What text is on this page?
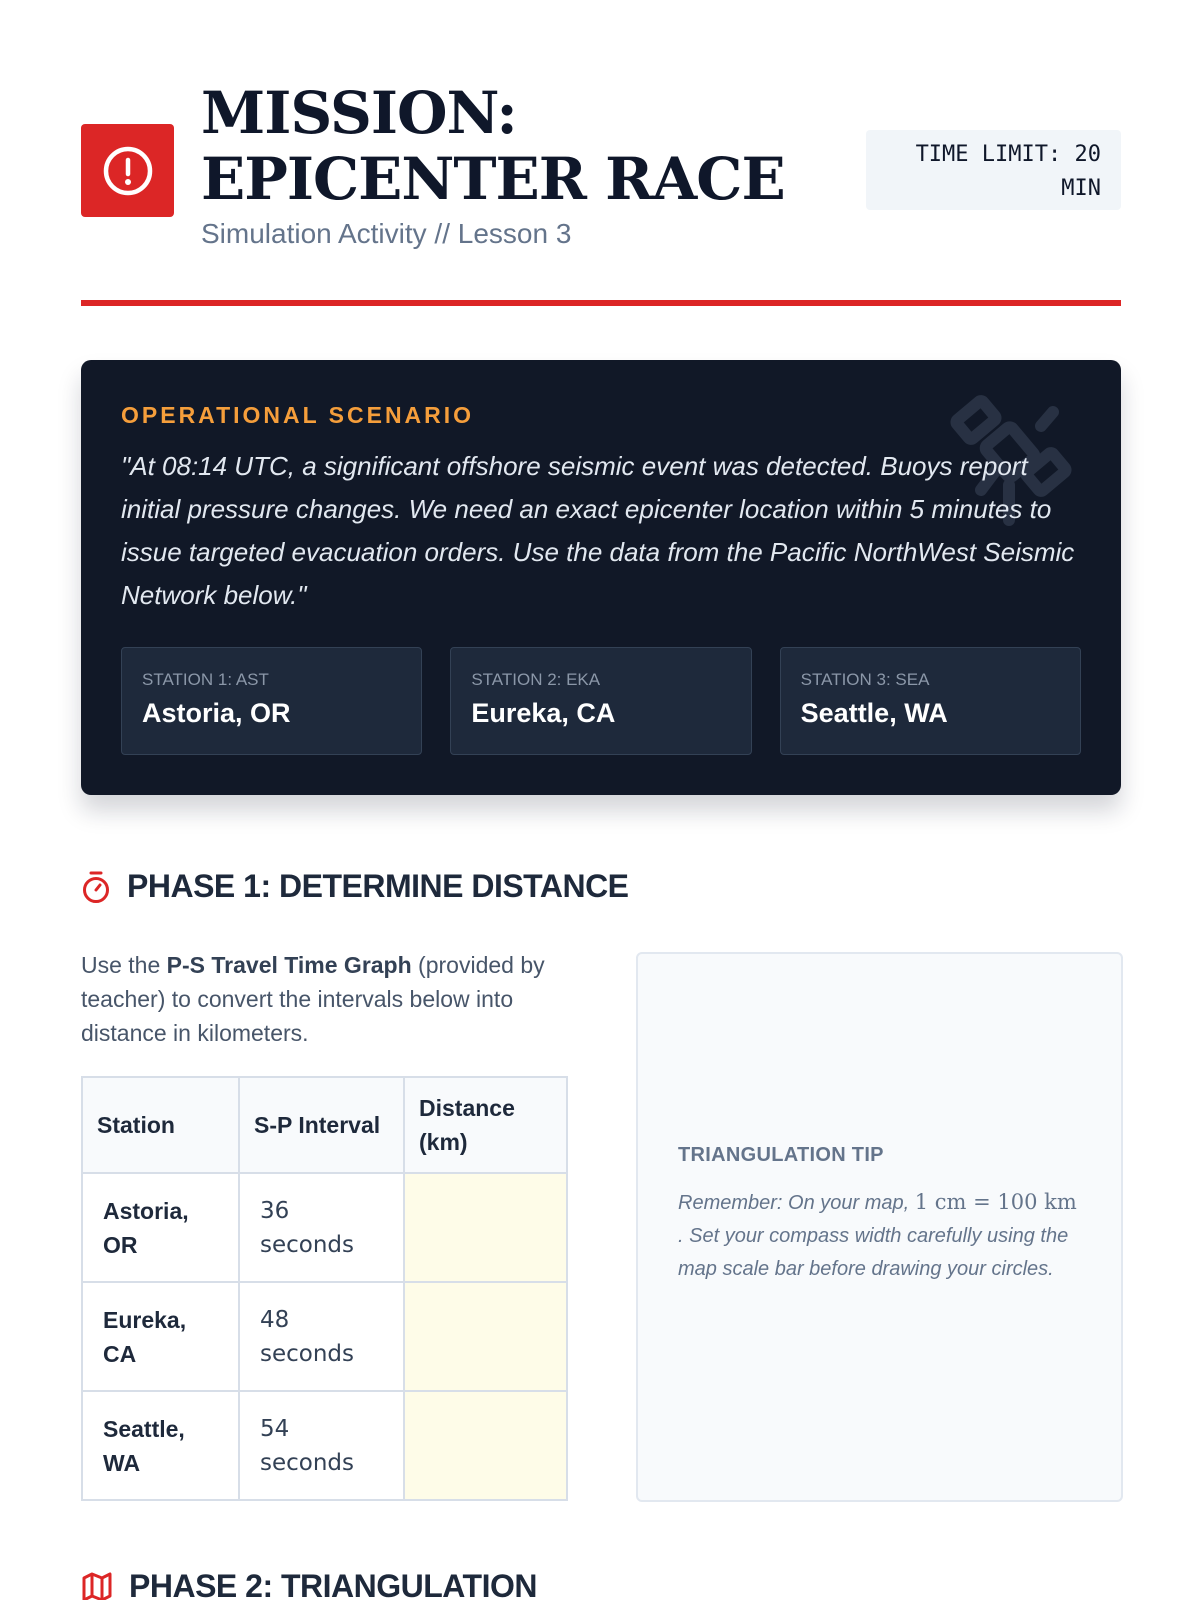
MISSION: EPICENTER RACE
Simulation Activity // Lesson 3
TIME LIMIT: 20 MIN
OPERATIONAL SCENARIO
"At 08:14 UTC, a significant offshore seismic event was detected. Buoys report initial pressure changes. We need an exact epicenter location within 5 minutes to issue targeted evacuation orders. Use the data from the Pacific NorthWest Seismic Network below."
STATION 1: AST
Astoria, OR
STATION 2: EKA
Eureka, CA
STATION 3: SEA
Seattle, WA
PHASE 1: DETERMINE DISTANCE
Use the P-S Travel Time Graph (provided by teacher) to convert the intervals below into distance in kilometers.
Station	S-P Interval	Distance (km)
Astoria, OR	36 seconds	
Eureka, CA	48 seconds	
Seattle, WA	54 seconds	
TRIANGULATION TIP
Remember: On your map, 1 cm = 100 km
. Set your compass width carefully using the map scale bar before drawing your circles.
PHASE 2: TRIANGULATION
